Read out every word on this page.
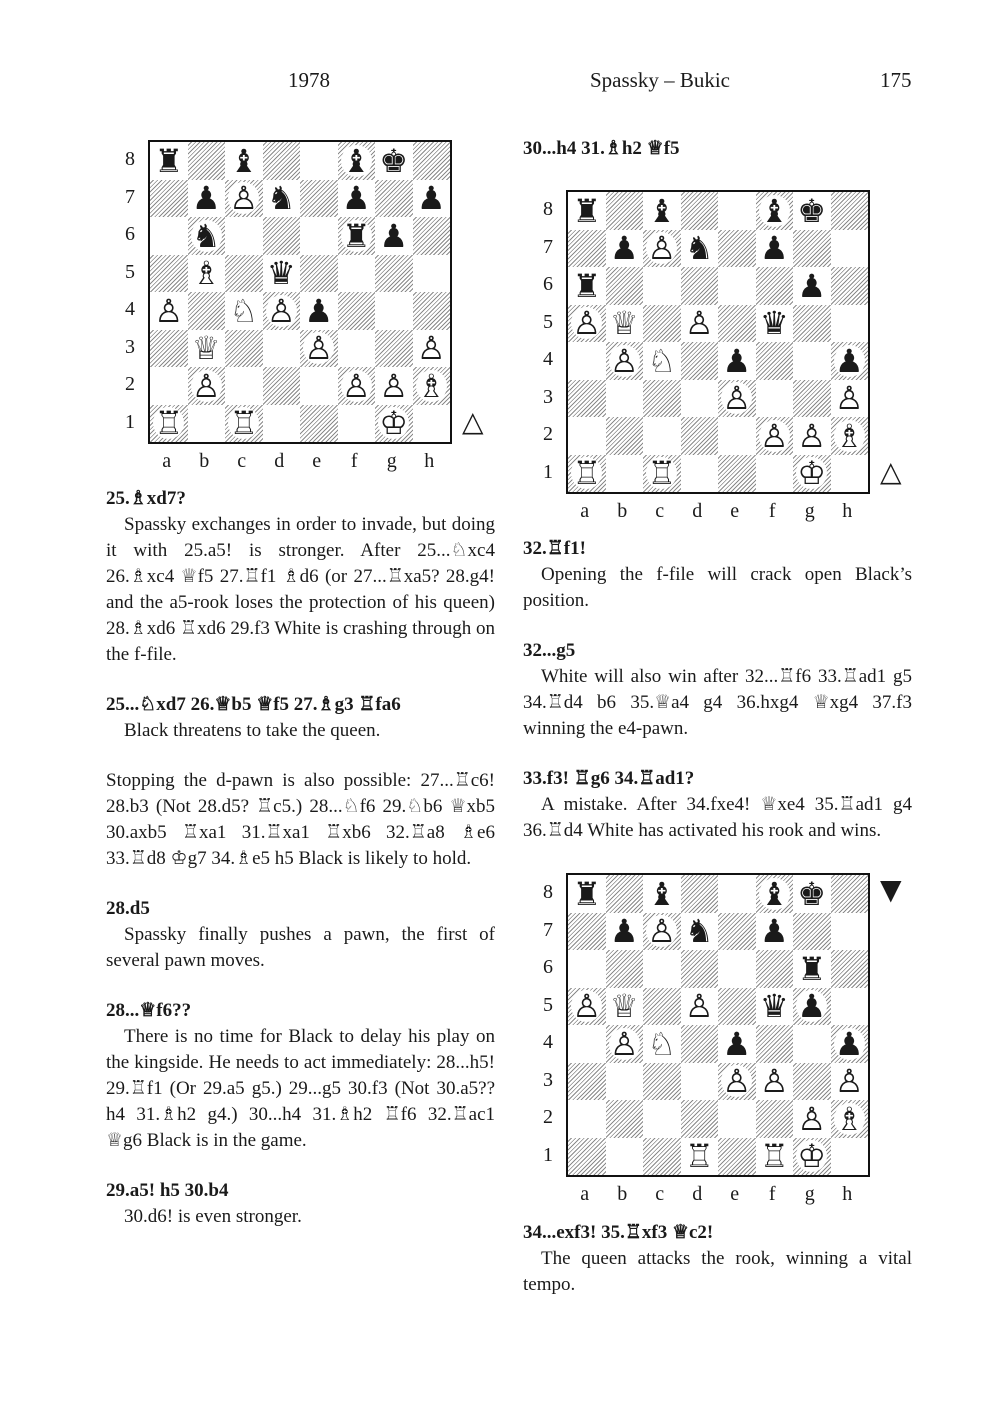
1978	Spassky – Bukic	175
♜ ♝	♝ ♚
♟ ♙ ♞ ♟ ♟
♞	♜ ♟
♗ ♛
♙ ♘ ♙ ♟
♕	♙	♙
♙	♙ ♙ ♗
♖ ♖	♔
8
7
6
5
4
3
2
1
a	b	c	d	e	f	g	h
△
♜ ♝	♝ ♚
♟ ♙ ♞ ♟
♜	♟
♙ ♕ ♙ ♛
♙ ♘ ♟	♟
♙	♙
♙ ♙ ♗
♖ ♖	♔
8
7
6
5
4
3
2
1
a	b	c	d	e	f	g	h
△
♜ ♝	♝ ♚
♟ ♙ ♞ ♟
♜
♙ ♕ ♙ ♛ ♟
♙ ♘ ♟	♟
♙ ♙ ♙
♙ ♗
♖ ♖ ♔
8
7
6
5
4
3
2
1
a	b	c	d	e	f	g	h
▼

25.♗xd7?

Spassky exchanges in order to invade, but doing it with 25.a5! is stronger. After 25...♘xc4 26.♗xc4 ♕f5 27.♖f1 ♗d6 (or 27...♖xa5? 28.g4! and the a5-rook loses the protection of his queen) 28.♗xd6 ♖xd6 29.f3 White is crashing through on the f-file.

25...♘xd7 26.♕b5 ♕f5 27.♗g3 ♖fa6

Black threatens to take the queen.

Stopping the d-pawn is also possible: 27...♖c6! 28.b3 (Not 28.d5? ♖c5.) 28...♘f6 29.♘b6 ♕xb5 30.axb5 ♖xa1 31.♖xa1 ♖xb6 32.♖a8 ♗e6 33.♖d8 ♔g7 34.♗e5 h5 Black is likely to hold.

28.d5

Spassky finally pushes a pawn, the first of several pawn moves.

28...♕f6??

There is no time for Black to delay his play on the kingside. He needs to act immediately: 28...h5! 29.♖f1 (Or 29.a5 g5.) 29...g5 30.f3 (Not 30.a5?? h4 31.♗h2 g4.) 30...h4 31.♗h2 ♖f6 32.♖ac1 ♕g6 Black is in the game.

29.a5! h5 30.b4

30.d6! is even stronger.

30...h4 31.♗h2 ♕f5

32.♖f1!

Opening the f-file will crack open Black’s position.

32...g5

White will also win after 32...♖f6 33.♖ad1 g5 34.♖d4 b6 35.♕a4 g4 36.hxg4 ♕xg4 37.f3 winning the e4-pawn.

33.f3! ♖g6 34.♖ad1?

A mistake. After 34.fxe4! ♕xe4 35.♖ad1 g4 36.♖d4 White has activated his rook and wins.

34...exf3! 35.♖xf3 ♕c2!

The queen attacks the rook, winning a vital tempo.
